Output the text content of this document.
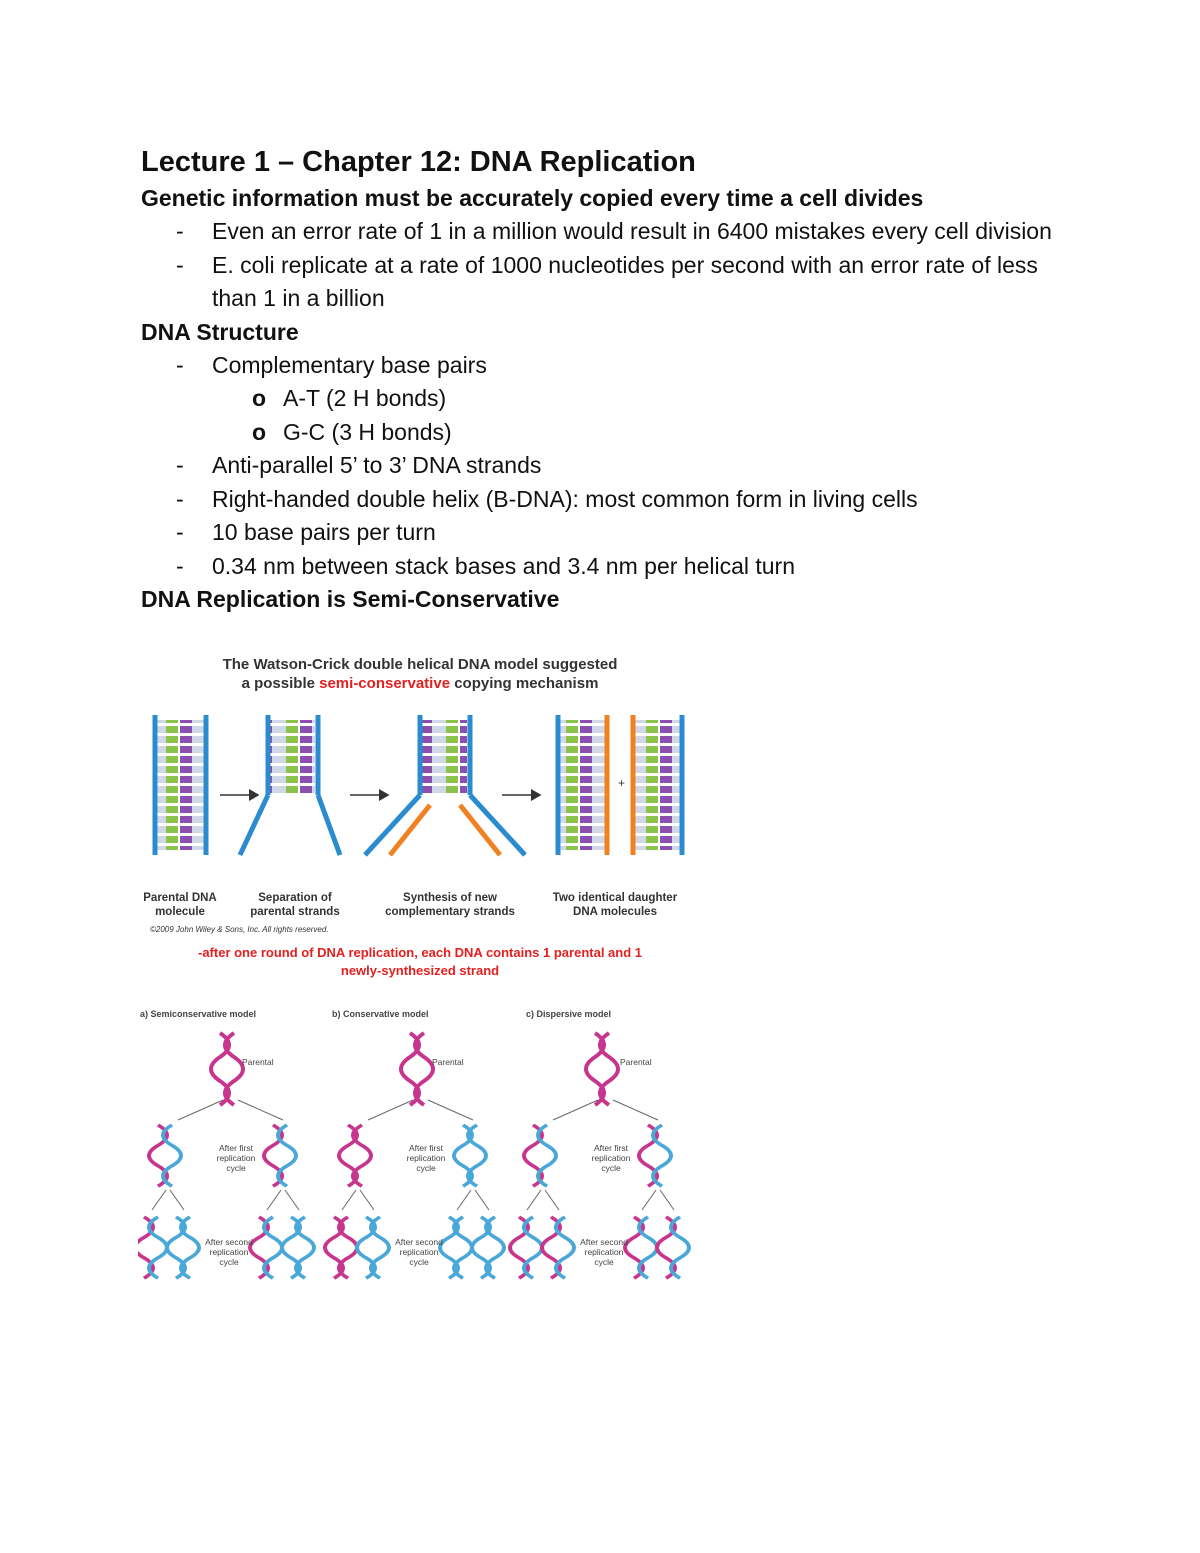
Lecture 1 – Chapter 12: DNA Replication
Genetic information must be accurately copied every time a cell divides
- Even an error rate of 1 in a million would result in 6400 mistakes every cell division
- E. coli replicate at a rate of 1000 nucleotides per second with an error rate of less than 1 in a billion
DNA Structure
- Complementary base pairs
o A-T (2 H bonds)
o G-C (3 H bonds)
- Anti-parallel 5’ to 3’ DNA strands
- Right-handed double helix (B-DNA): most common form in living cells
- 10 base pairs per turn
- 0.34 nm between stack bases and 3.4 nm per helical turn
DNA Replication is Semi-Conservative
The Watson-Crick double helical DNA model suggested
a possible semi-conservative copying mechanism
+
Parental DNA molecule
Separation of parental strands
Synthesis of new complementary strands
Two identical daughter DNA molecules
©2009 John Wiley & Sons, Inc. All rights reserved.
-after one round of DNA replication, each DNA contains 1 parental and 1
newly-synthesized strand
a) Semiconservative model	b) Conservative model	c) Dispersive model
Parental	Parental	Parental
After first replication cycle
After first replication cycle
After first replication cycle
After second replication cycle
After second replication cycle
After second replication cycle
